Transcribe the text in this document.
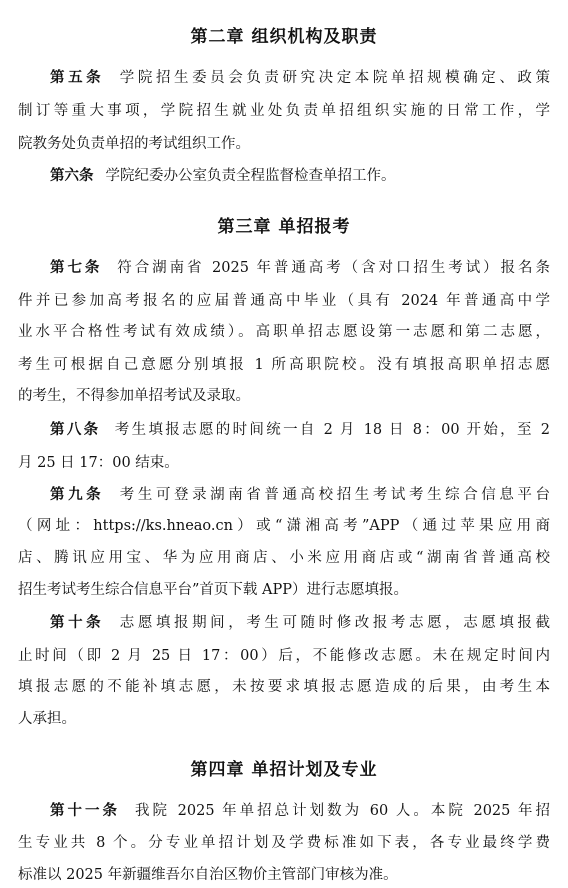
第二章 组织机构及职责
第五条 学院招生委员会负责研究决定本院单招规模确定、政策
制订等重大事项，学院招生就业处负责单招组织实施的日常工作，学
院教务处负责单招的考试组织工作。
第六条 学院纪委办公室负责全程监督检查单招工作。
第三章 单招报考
第七条 符合湖南省 2025 年普通高考（含对口招生考试）报名条
件并已参加高考报名的应届普通高中毕业（具有 2024 年普通高中学
业水平合格性考试有效成绩）。高职单招志愿设第一志愿和第二志愿，
考生可根据自己意愿分别填报 1 所高职院校。没有填报高职单招志愿
的考生，不得参加单招考试及录取。
第八条 考生填报志愿的时间统一自 2 月 18 日 8：00 开始，至 2
月 25 日 17：00 结束。
第九条 考生可登录湖南省普通高校招生考试考生综合信息平台
（网址：https://ks.hneao.cn）或“潇湘高考”APP（通过苹果应用商
店、腾讯应用宝、华为应用商店、小米应用商店或“湖南省普通高校
招生考试考生综合信息平台”首页下载 APP）进行志愿填报。
第十条 志愿填报期间，考生可随时修改报考志愿，志愿填报截
止时间（即 2 月 25 日 17：00）后，不能修改志愿。未在规定时间内
填报志愿的不能补填志愿，未按要求填报志愿造成的后果，由考生本
人承担。
第四章 单招计划及专业
第十一条 我院 2025 年单招总计划数为 60 人。本院 2025 年招
生专业共 8 个。分专业单招计划及学费标准如下表，各专业最终学费
标准以 2025 年新疆维吾尔自治区物价主管部门审核为准。
